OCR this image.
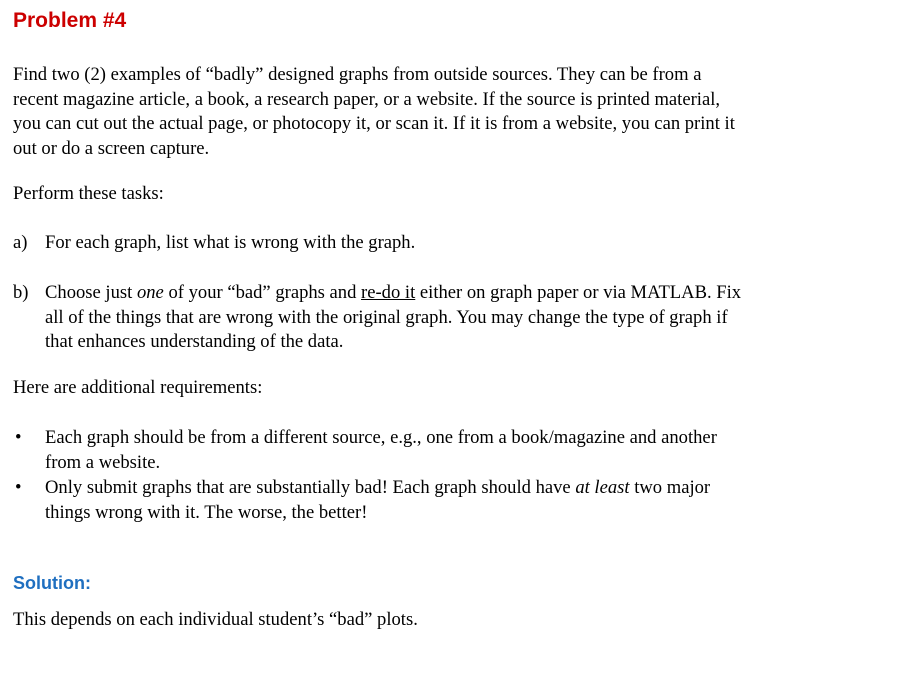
Problem #4
Find two (2) examples of “badly” designed graphs from outside sources. They can be from a
recent magazine article, a book, a research paper, or a website. If the source is printed material,
you can cut out the actual page, or photocopy it, or scan it. If it is from a website, you can print it
out or do a screen capture.
Perform these tasks:
a) For each graph, list what is wrong with the graph.
b) Choose just one of your “bad” graphs and re-do it either on graph paper or via MATLAB. Fix
all of the things that are wrong with the original graph. You may change the type of graph if
that enhances understanding of the data.
Here are additional requirements:
• Each graph should be from a different source, e.g., one from a book/magazine and another
from a website.
• Only submit graphs that are substantially bad! Each graph should have at least two major
things wrong with it. The worse, the better!
Solution:
This depends on each individual student’s “bad” plots.
